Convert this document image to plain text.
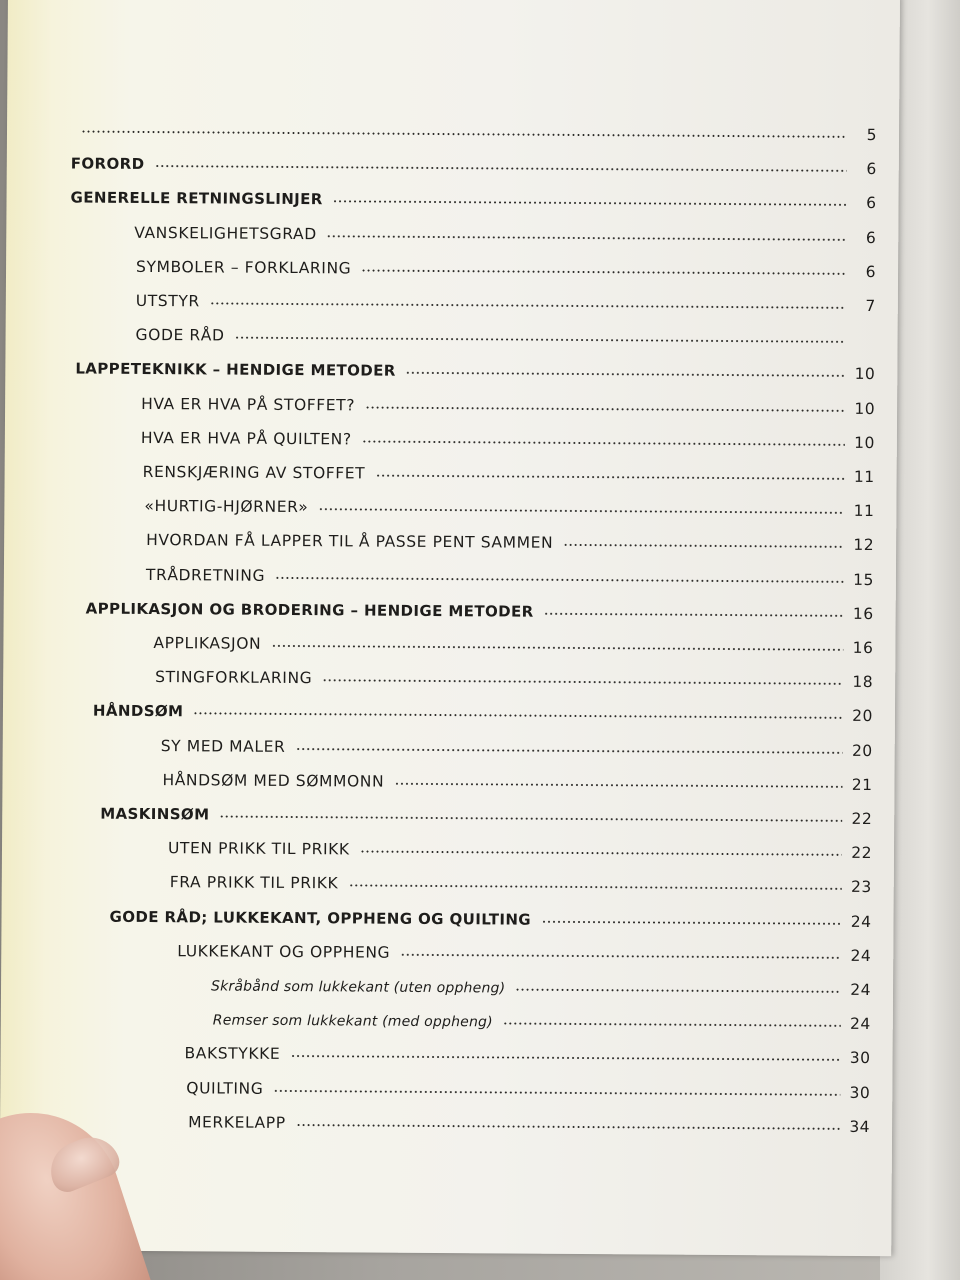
5
FORORD	6
GENERELLE RETNINGSLINJER	6
VANSKELIGHETSGRAD	6
SYMBOLER – FORKLARING	6
UTSTYR	7
GODE RÅD
LAPPETEKNIKK – HENDIGE METODER	10
HVA ER HVA PÅ STOFFET?	10
HVA ER HVA PÅ QUILTEN?	10
RENSKJÆRING AV STOFFET	11
«HURTIG-HJØRNER»	11
HVORDAN FÅ LAPPER TIL Å PASSE PENT SAMMEN	12
TRÅDRETNING	15
APPLIKASJON OG BRODERING – HENDIGE METODER	16
APPLIKASJON	16
STINGFORKLARING	18
HÅNDSØM	20
SY MED MALER	20
HÅNDSØM MED SØMMONN	21
MASKINSØM	22
UTEN PRIKK TIL PRIKK	22
FRA PRIKK TIL PRIKK	23
GODE RÅD; LUKKEKANT, OPPHENG OG QUILTING	24
LUKKEKANT OG OPPHENG	24
Skråbånd som lukkekant (uten oppheng)	24
Remser som lukkekant (med oppheng)	24
BAKSTYKKE	30
QUILTING	30
MERKELAPP	34
